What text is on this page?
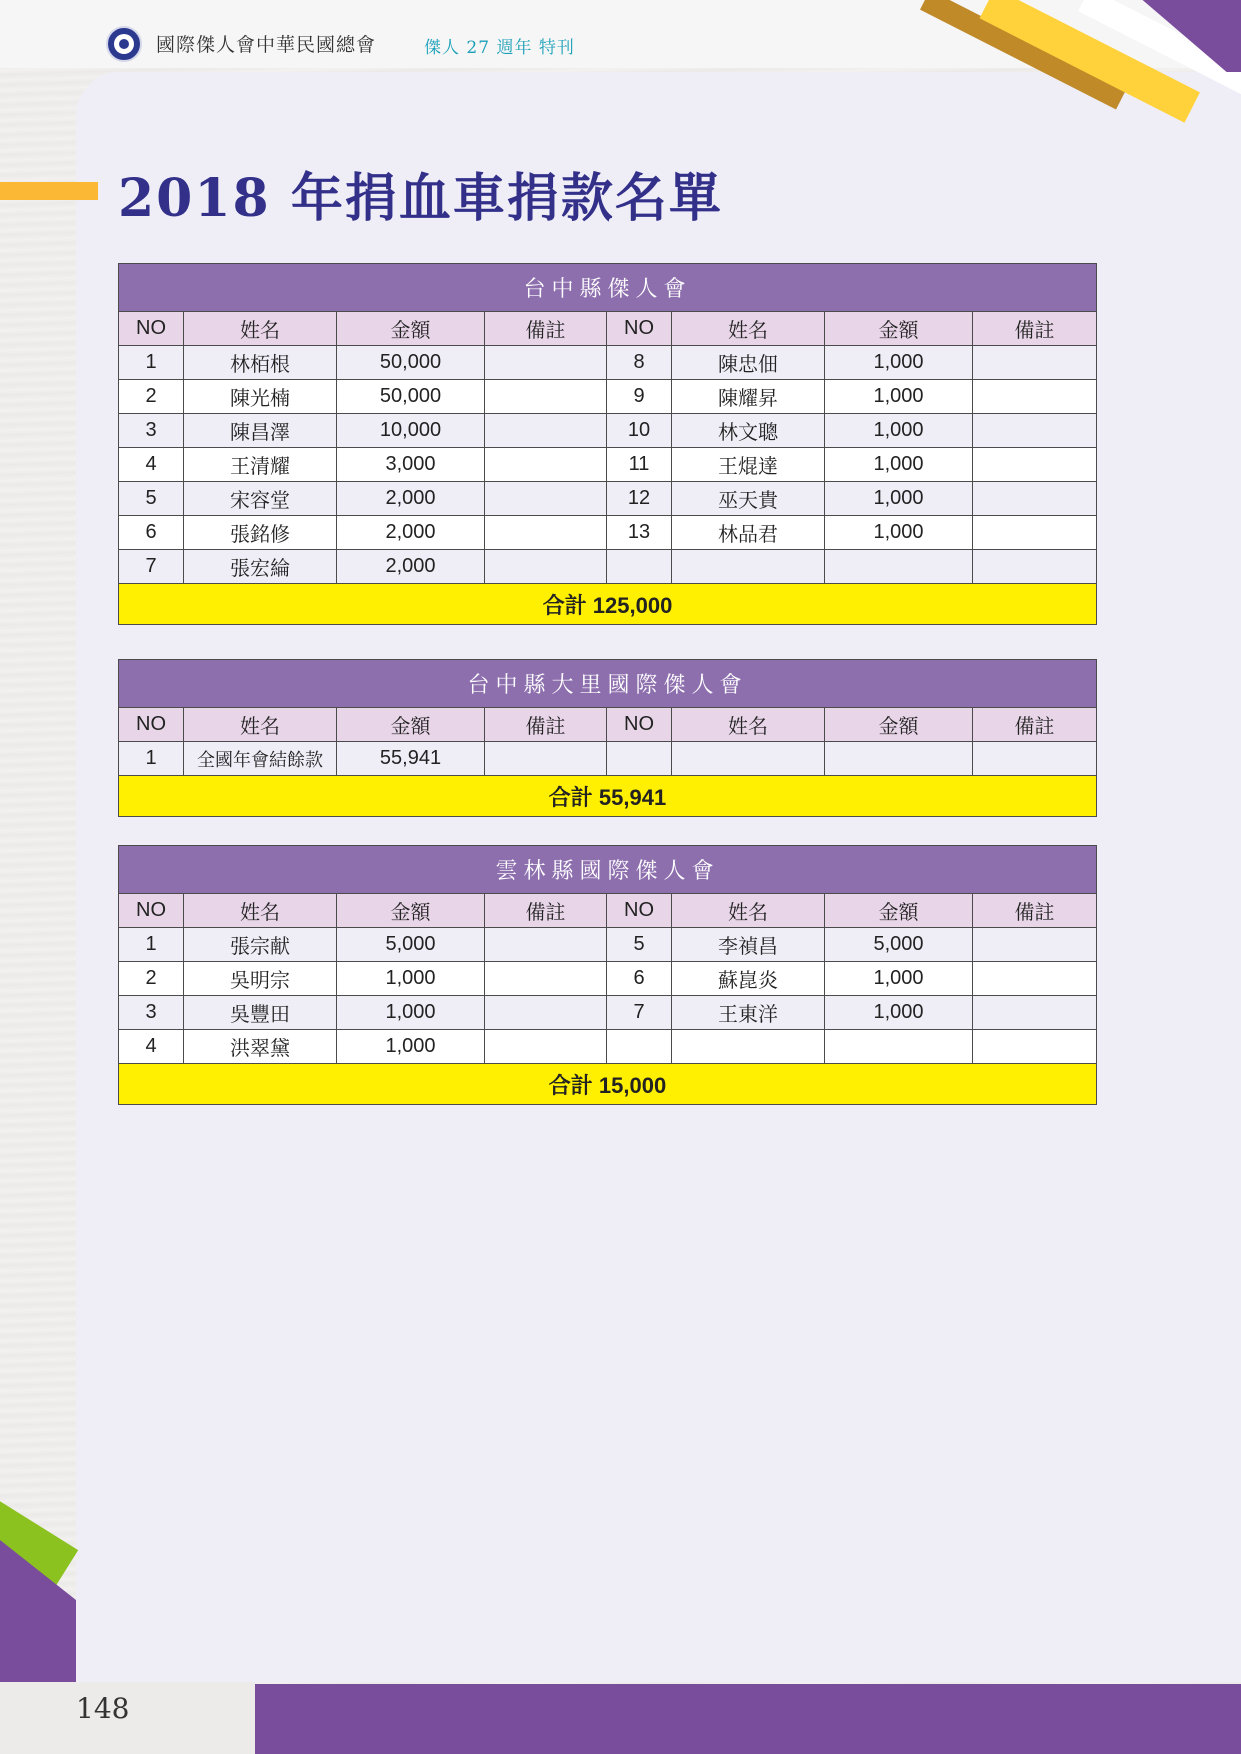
國際傑人會中華民國總會	傑人 27 週年 特刊
2018 年捐血車捐款名單
台中縣傑人會							
NO	姓名	金額	備註	NO	姓名	金額	備註
1	林栢根	50,000		8	陳忠佃	1,000	
2	陳光楠	50,000		9	陳耀昇	1,000	
3	陳昌澤	10,000		10	林文聰	1,000	
4	王清耀	3,000		11	王焜達	1,000	
5	宋容堂	2,000		12	巫天貴	1,000	
6	張銘修	2,000		13	林品君	1,000	
7	張宏綸	2,000					
合計 125,000							
台中縣大里國際傑人會							
NO	姓名	金額	備註	NO	姓名	金額	備註
1	全國年會結餘款	55,941					
合計 55,941							
雲林縣國際傑人會							
NO	姓名	金額	備註	NO	姓名	金額	備註
1	張宗献	5,000		5	李禎昌	5,000	
2	吳明宗	1,000		6	蘇崑炎	1,000	
3	吳豐田	1,000		7	王東洋	1,000	
4	洪翠黛	1,000					
合計 15,000							
148
